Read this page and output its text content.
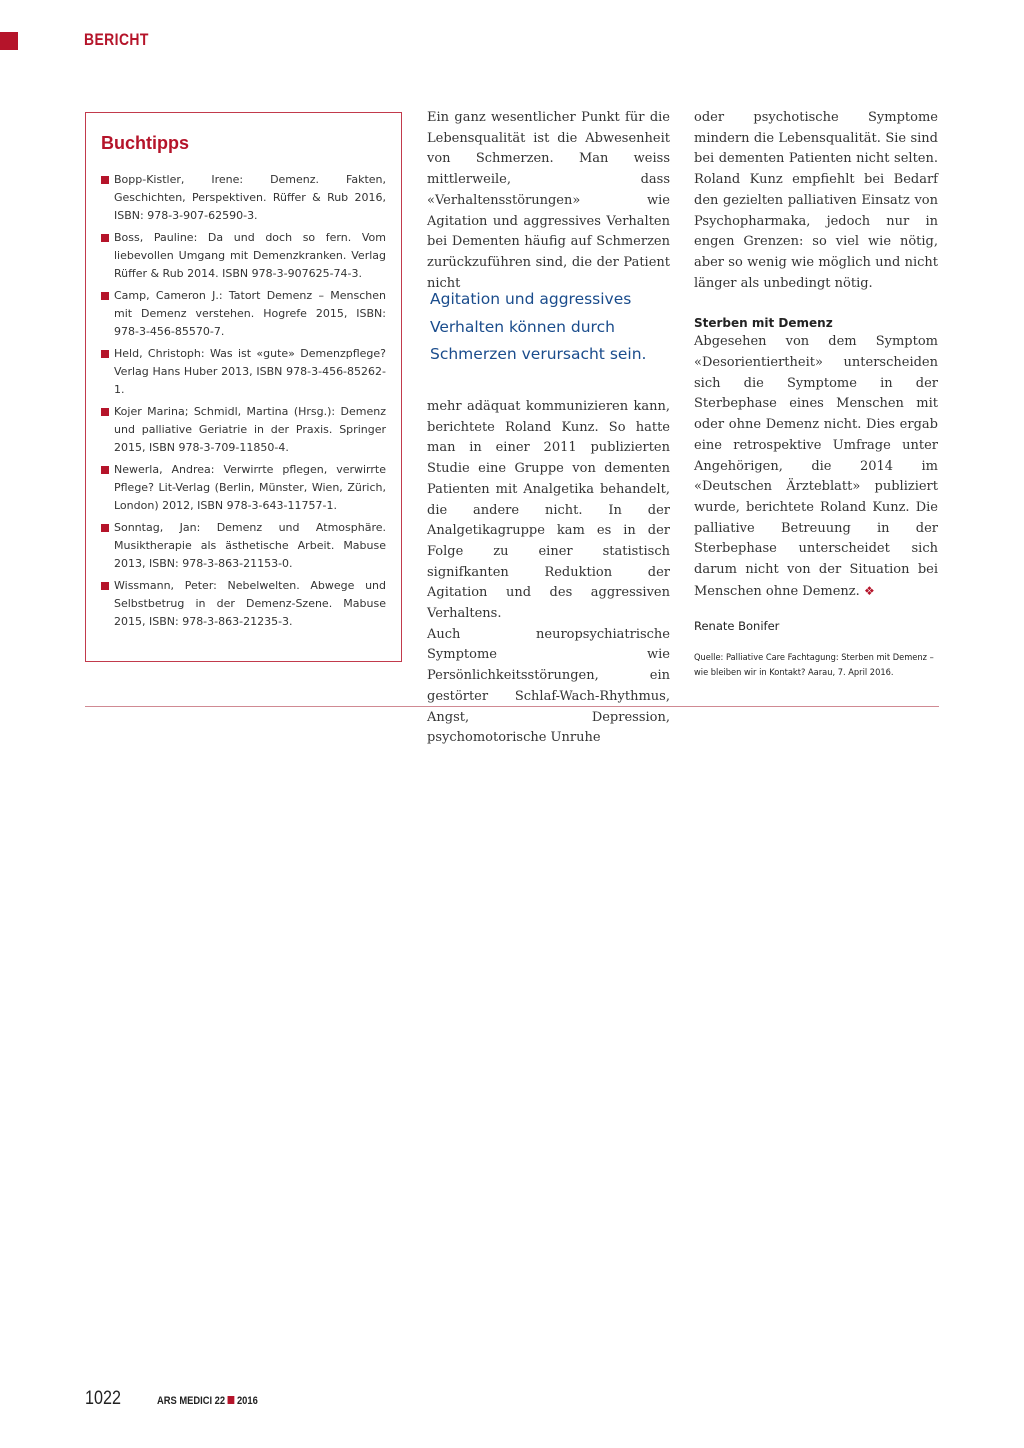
BERICHT
Buchtipps
Bopp-Kistler, Irene: Demenz. Fakten, Geschichten, Perspektiven. Rüffer & Rub 2016, ISBN: 978-3-907-62590-3.
Boss, Pauline: Da und doch so fern. Vom liebevollen Umgang mit Demenzkranken. Verlag Rüffer & Rub 2014. ISBN 978-3-907625-74-3.
Camp, Cameron J.: Tatort Demenz – Menschen mit Demenz verstehen. Hogrefe 2015, ISBN: 978-3-456-85570-7.
Held, Christoph: Was ist «gute» Demenzpflege? Verlag Hans Huber 2013, ISBN 978-3-456-85262-1.
Kojer Marina; Schmidl, Martina (Hrsg.): Demenz und palliative Geriatrie in der Praxis. Springer 2015, ISBN 978-3-709-11850-4.
Newerla, Andrea: Verwirrte pflegen, verwirrte Pflege? Lit-Verlag (Berlin, Münster, Wien, Zürich, London) 2012, ISBN 978-3-643-11757-1.
Sonntag, Jan: Demenz und Atmosphäre. Musiktherapie als ästhetische Arbeit. Mabuse 2013, ISBN: 978-3-863-21153-0.
Wissmann, Peter: Nebelwelten. Abwege und Selbstbetrug in der Demenz-Szene. Mabuse 2015, ISBN: 978-3-863-21235-3.

Ein ganz wesentlicher Punkt für die Lebensqualität ist die Abwesenheit von Schmerzen. Man weiss mittlerweile, dass «Verhaltensstörungen» wie Agitation und aggressives Verhalten bei Dementen häufig auf Schmerzen zurückzuführen sind, die der Patient nicht

Agitation und aggressives Verhalten können durch Schmerzen verursacht sein.

mehr adäquat kommunizieren kann, berichtete Roland Kunz. So hatte man in einer 2011 publizierten Studie eine Gruppe von dementen Patienten mit Analgetika behandelt, die andere nicht. In der Analgetikagruppe kam es in der Folge zu einer statistisch signifkanten Reduktion der Agitation und des aggressiven Verhaltens.

Auch neuropsychiatrische Symptome wie Persönlichkeitsstörungen, ein gestörter Schlaf-Wach-Rhythmus, Angst, Depression, psychomotorische Unruhe

oder psychotische Symptome mindern die Lebensqualität. Sie sind bei dementen Patienten nicht selten. Roland Kunz empfiehlt bei Bedarf den gezielten palliativen Einsatz von Psychopharmaka, jedoch nur in engen Grenzen: so viel wie nötig, aber so wenig wie möglich und nicht länger als unbedingt nötig.

Sterben mit Demenz

Abgesehen von dem Symptom «Desorientiertheit» unterscheiden sich die Symptome in der Sterbephase eines Menschen mit oder ohne Demenz nicht. Dies ergab eine retrospektive Umfrage unter Angehörigen, die 2014 im «Deutschen Ärzteblatt» publiziert wurde, berichtete Roland Kunz. Die palliative Betreuung in der Sterbephase unterscheidet sich darum nicht von der Situation bei Menschen ohne Demenz. ❖

Renate Bonifer
Quelle: Palliative Care Fachtagung: Sterben mit Demenz – wie bleiben wir in Kontakt? Aarau, 7. April 2016.
1022	ARS MEDICI 22 2016
